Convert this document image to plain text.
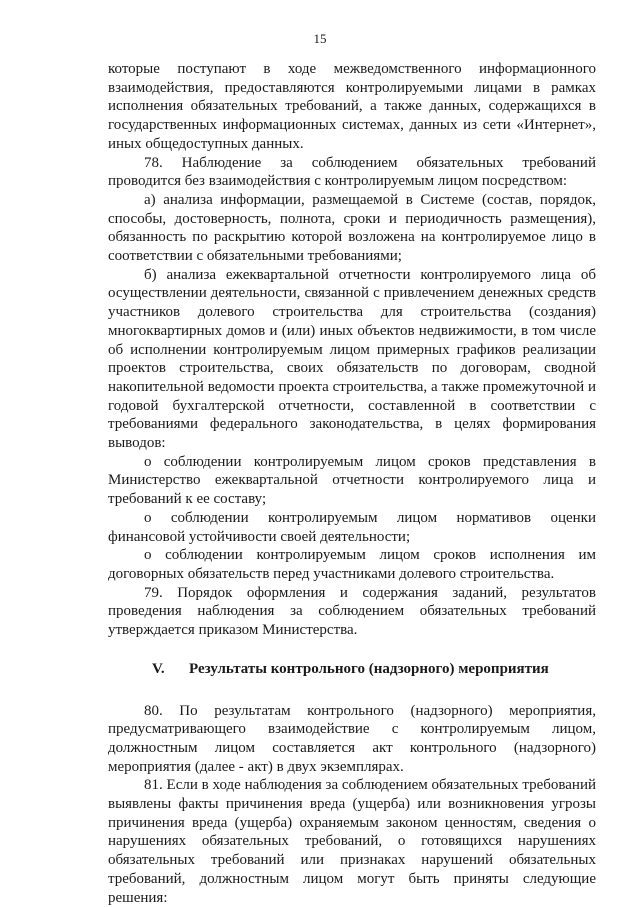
15

которые поступают в ходе межведомственного информационного взаимодействия, предоставляются контролируемыми лицами в рамках исполнения обязательных требований, а также данных, содержащихся в государственных информационных системах, данных из сети «Интернет», иных общедоступных данных.

78. Наблюдение за соблюдением обязательных требований проводится без взаимодействия с контролируемым лицом посредством:

а) анализа информации, размещаемой в Системе (состав, порядок, способы, достоверность, полнота, сроки и периодичность размещения), обязанность по раскрытию которой возложена на контролируемое лицо в соответствии с обязательными требованиями;

б) анализа ежеквартальной отчетности контролируемого лица об осуществлении деятельности, связанной с привлечением денежных средств участников долевого строительства для строительства (создания) многоквартирных домов и (или) иных объектов недвижимости, в том числе об исполнении контролируемым лицом примерных графиков реализации проектов строительства, своих обязательств по договорам, сводной накопительной ведомости проекта строительства, а также промежуточной и годовой бухгалтерской отчетности, составленной в соответствии с требованиями федерального законодательства, в целях формирования выводов:

о соблюдении контролируемым лицом сроков представления в Министерство ежеквартальной отчетности контролируемого лица и требований к ее составу;

о соблюдении контролируемым лицом нормативов оценки финансовой устойчивости своей деятельности;

о соблюдении контролируемым лицом сроков исполнения им договорных обязательств перед участниками долевого строительства.

79. Порядок оформления и содержания заданий, результатов проведения наблюдения за соблюдением обязательных требований утверждается приказом Министерства.

V.	Результаты контрольного (надзорного) мероприятия

80. По результатам контрольного (надзорного) мероприятия, предусматривающего взаимодействие с контролируемым лицом, должностным лицом составляется акт контрольного (надзорного) мероприятия (далее - акт) в двух экземплярах.

81. Если в ходе наблюдения за соблюдением обязательных требований выявлены факты причинения вреда (ущерба) или возникновения угрозы причинения вреда (ущерба) охраняемым законом ценностям, сведения о нарушениях обязательных требований, о готовящихся нарушениях обязательных требований или признаках нарушений обязательных требований, должностным лицом могут быть приняты следующие решения:
